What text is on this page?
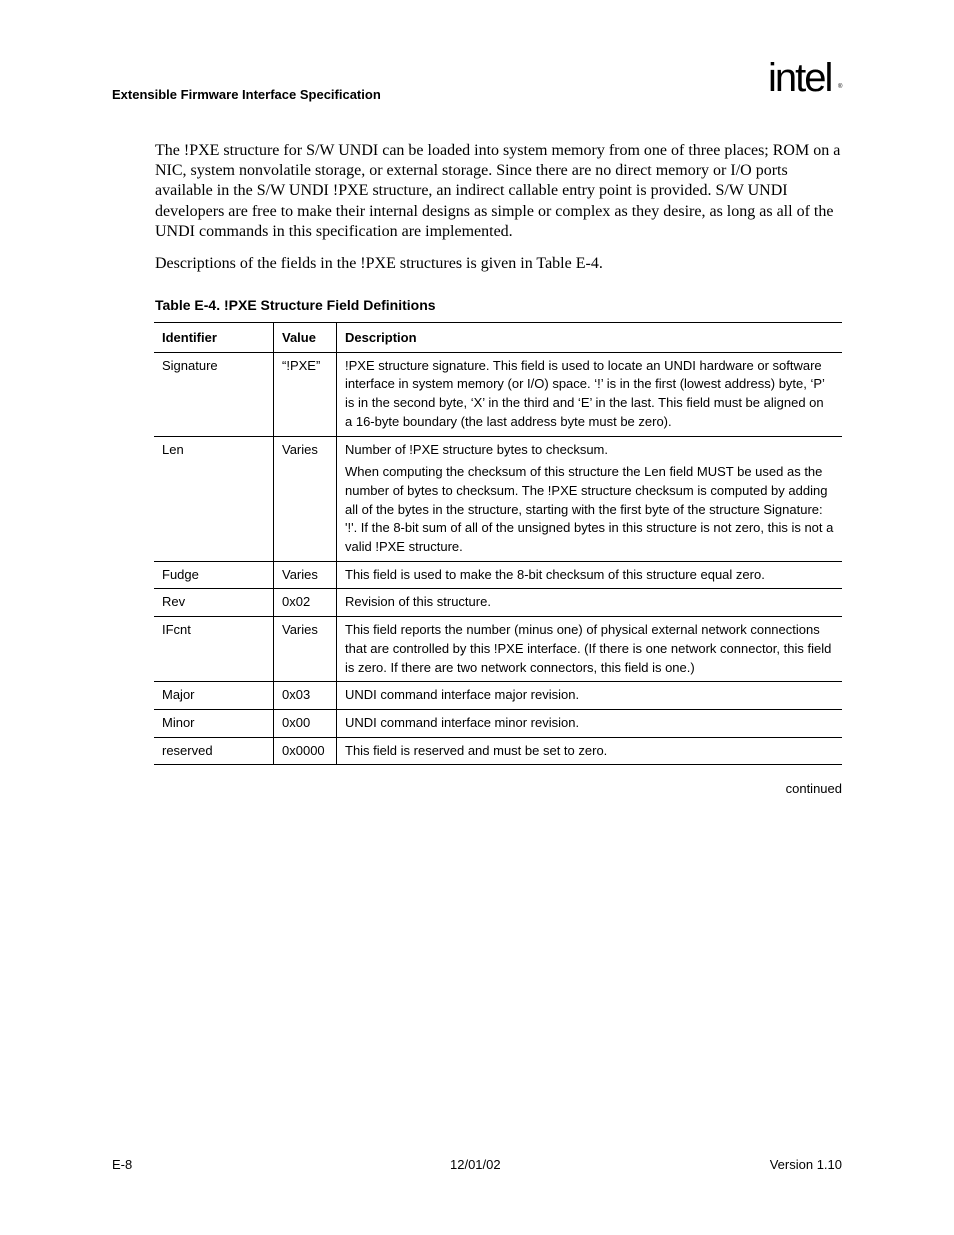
Extensible Firmware Interface Specification	intel ®

The !PXE structure for S/W UNDI can be loaded into system memory from one of three places; ROM on a NIC, system nonvolatile storage, or external storage. Since there are no direct memory or I/O ports available in the S/W UNDI !PXE structure, an indirect callable entry point is provided. S/W UNDI developers are free to make their internal designs as simple or complex as they desire, as long as all of the UNDI commands in this specification are implemented.

Descriptions of the fields in the !PXE structures is given in Table E-4.

Table E-4. !PXE Structure Field Definitions
Identifier	Value	Description
Signature	“!PXE”	!PXE structure signature. This field is used to locate an UNDI hardware or software interface in system memory (or I/O) space. ‘!’ is in the first (lowest address) byte, ‘P’ is in the second byte, ‘X’ in the third and ‘E’ in the last. This field must be aligned on a 16-byte boundary (the last address byte must be zero).

Len	Varies	Number of !PXE structure bytes to checksum.

When computing the checksum of this structure the Len field MUST be used as the number of bytes to checksum. The !PXE structure checksum is computed by adding all of the bytes in the structure, starting with the first byte of the structure Signature: '!'. If the 8-bit sum of all of the unsigned bytes in this structure is not zero, this is not a valid !PXE structure.

Fudge	Varies	This field is used to make the 8-bit checksum of this structure equal zero.

Rev	0x02	Revision of this structure.

IFcnt	Varies	This field reports the number (minus one) of physical external network connections that are controlled by this !PXE interface. (If there is one network connector, this field is zero. If there are two network connectors, this field is one.)

Major	0x03	UNDI command interface major revision.

Minor	0x00	UNDI command interface minor revision.

reserved	0x0000	This field is reserved and must be set to zero.

continued
E-8	12/01/02	Version 1.10
